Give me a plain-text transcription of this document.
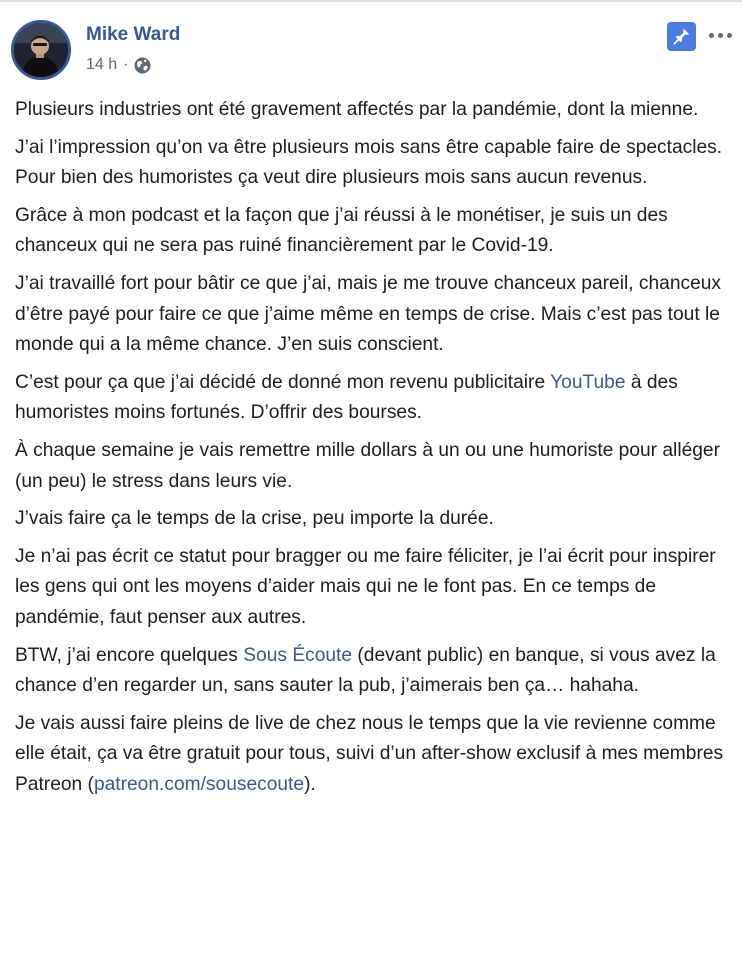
Mike Ward
14 h ·

Plusieurs industries ont été gravement affectés par la pandémie, dont la mienne.

J’ai l’impression qu’on va être plusieurs mois sans être capable faire de spectacles. Pour bien des humoristes ça veut dire plusieurs mois sans aucun revenus.

Grâce à mon podcast et la façon que j’ai réussi à le monétiser, je suis un des chanceux qui ne sera pas ruiné financièrement par le Covid-19.

J’ai travaillé fort pour bâtir ce que j’ai, mais je me trouve chanceux pareil, chanceux d’être payé pour faire ce que j’aime même en temps de crise. Mais c’est pas tout le monde qui a la même chance. J’en suis conscient.

C’est pour ça que j’ai décidé de donné mon revenu publicitaire YouTube à des humoristes moins fortunés. D’offrir des bourses.

À chaque semaine je vais remettre mille dollars à un ou une humoriste pour alléger (un peu) le stress dans leurs vie.

J’vais faire ça le temps de la crise, peu importe la durée.

Je n’ai pas écrit ce statut pour bragger ou me faire féliciter, je l’ai écrit pour inspirer les gens qui ont les moyens d’aider mais qui ne le font pas. En ce temps de pandémie, faut penser aux autres.

BTW, j’ai encore quelques Sous Écoute (devant public) en banque, si vous avez la chance d’en regarder un, sans sauter la pub, j’aimerais ben ça… hahaha.

Je vais aussi faire pleins de live de chez nous le temps que la vie revienne comme elle était, ça va être gratuit pour tous, suivi d’un after-show exclusif à mes membres Patreon (patreon.com/sousecoute).
